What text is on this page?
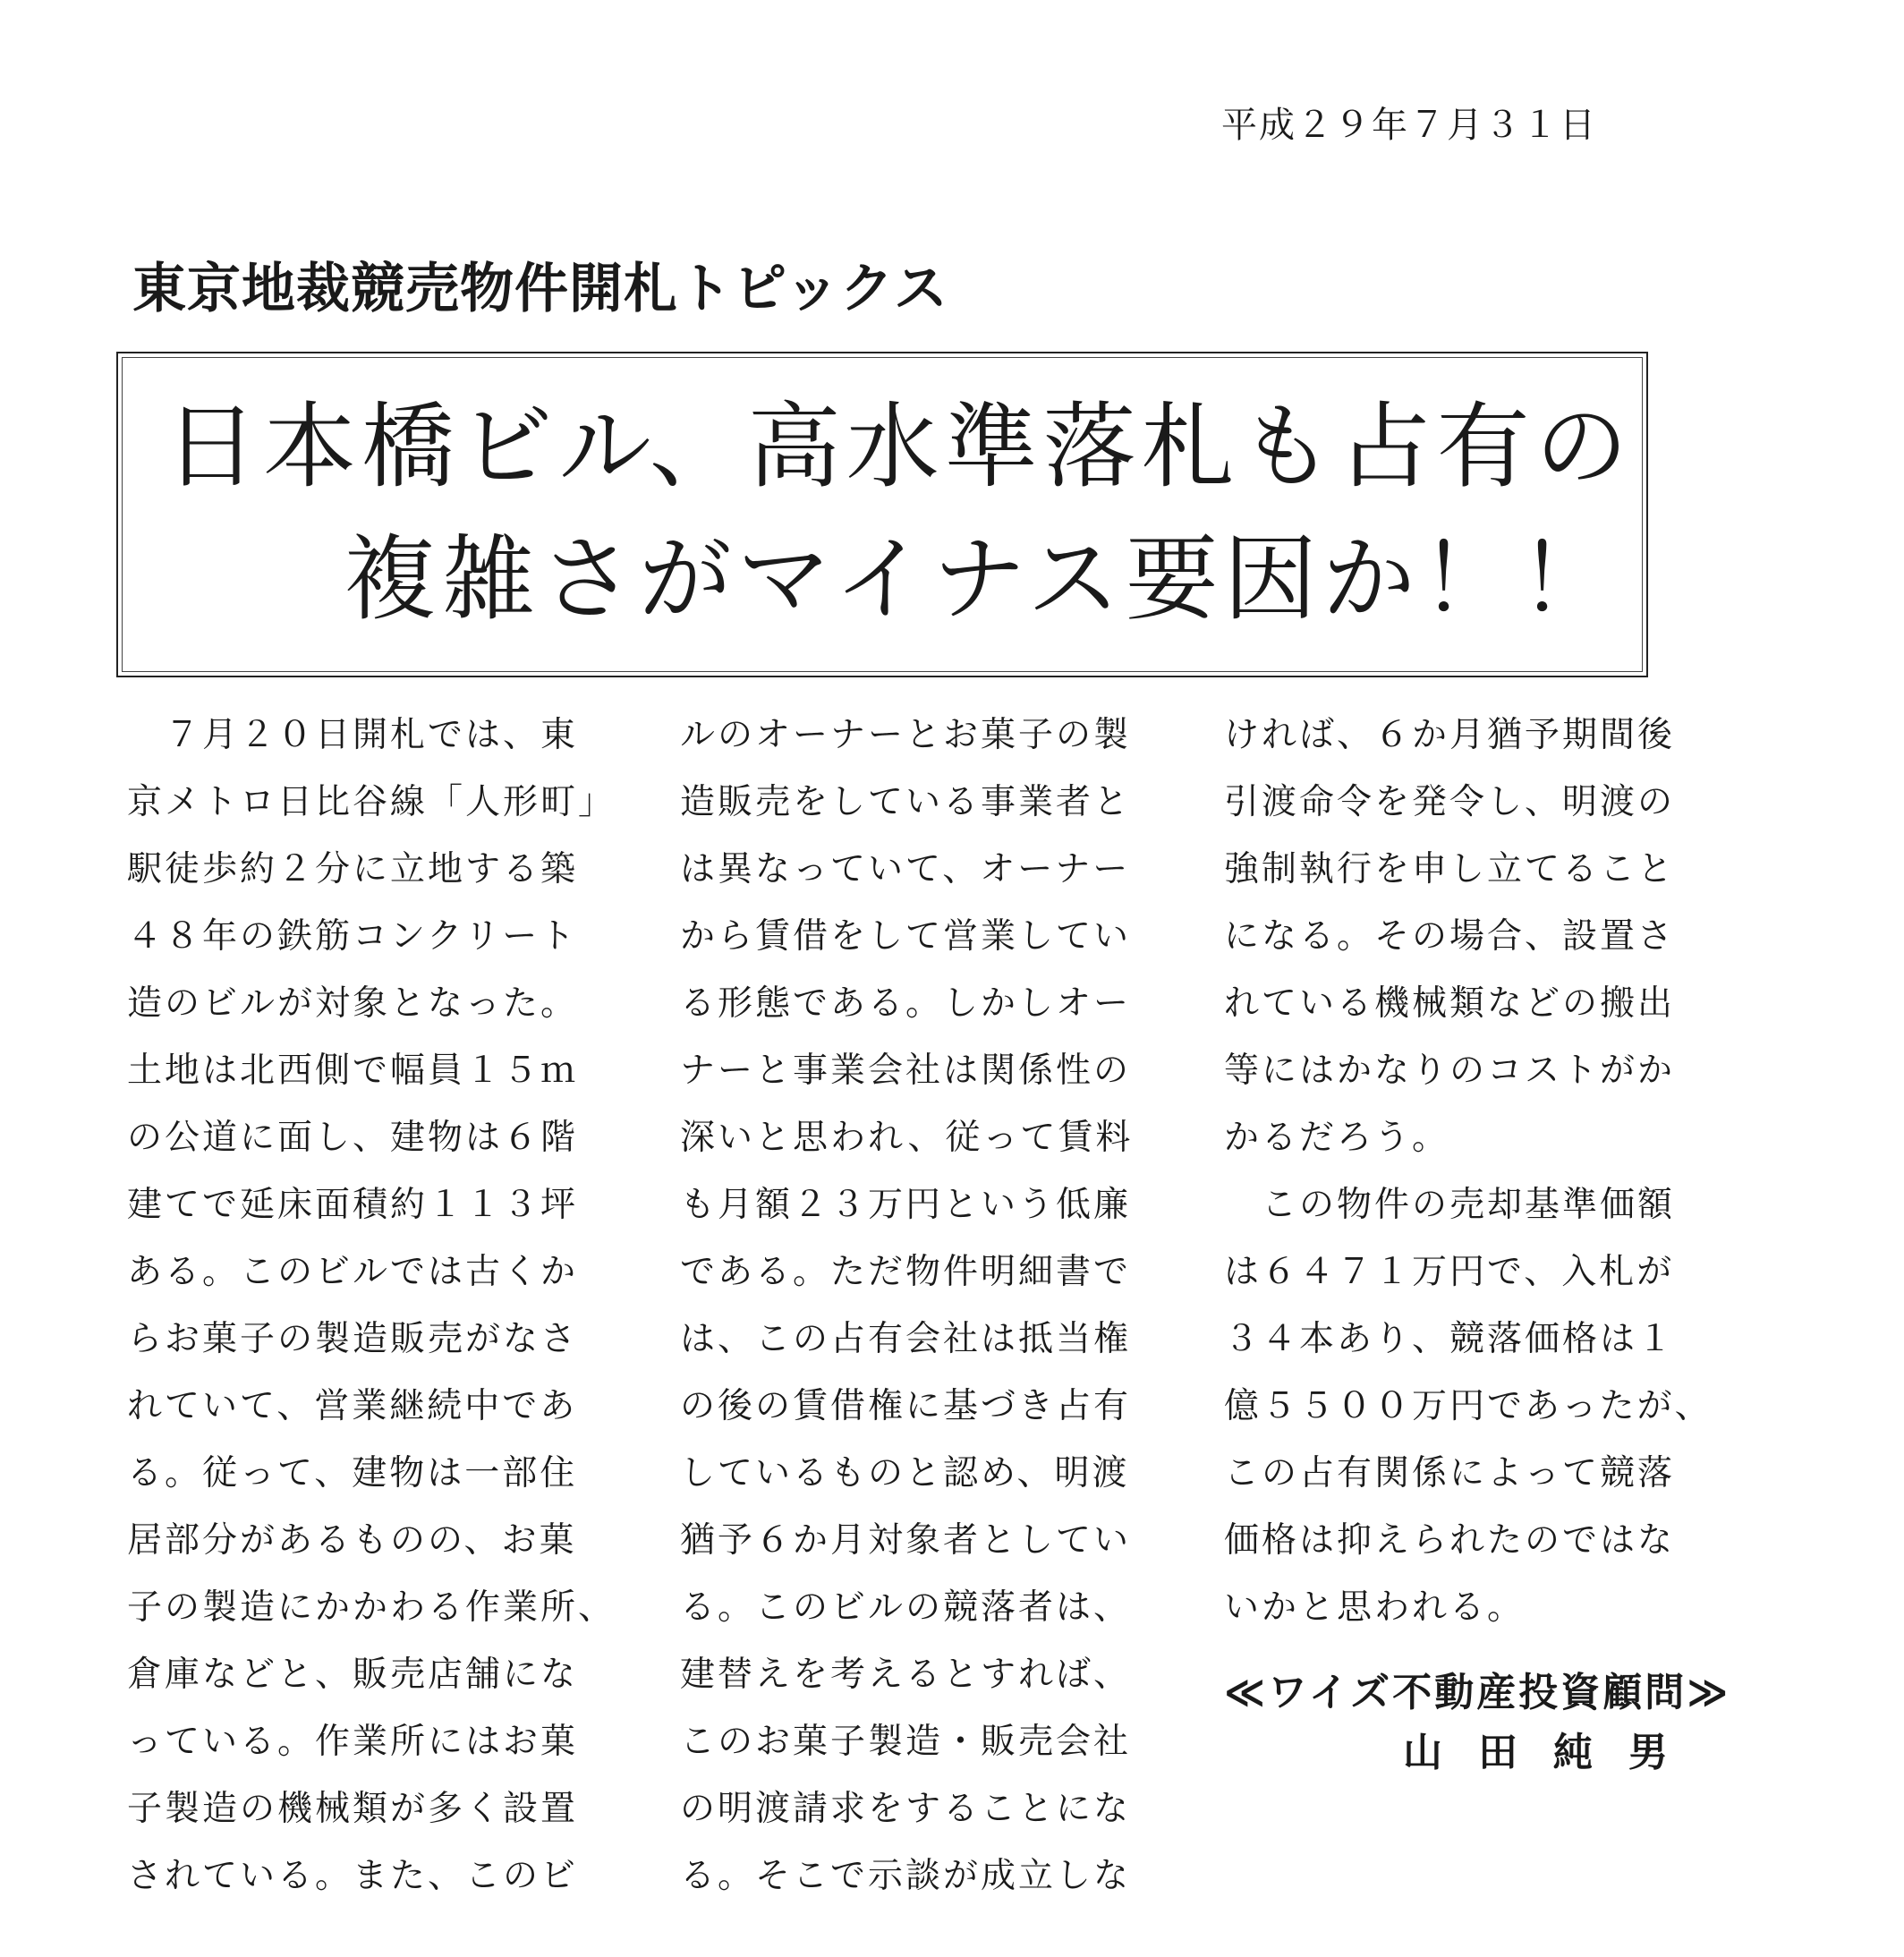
平成２９年７月３１日
東京地裁競売物件開札トピックス
日本橋ビル、高水準落札も占有の
複雑さがマイナス要因か！！
　７月２０日開札では、東
京メトロ日比谷線「人形町」
駅徒歩約２分に立地する築
４８年の鉄筋コンクリート
造のビルが対象となった。
土地は北西側で幅員１５ｍ
の公道に面し、建物は６階
建てで延床面積約１１３坪
ある。このビルでは古くか
らお菓子の製造販売がなさ
れていて、営業継続中であ
る。従って、建物は一部住
居部分があるものの、お菓
子の製造にかかわる作業所、
倉庫などと、販売店舗にな
っている。作業所にはお菓
子製造の機械類が多く設置
されている。また、このビ
ルのオーナーとお菓子の製
造販売をしている事業者と
は異なっていて、オーナー
から賃借をして営業してい
る形態である。しかしオー
ナーと事業会社は関係性の
深いと思われ、従って賃料
も月額２３万円という低廉
である。ただ物件明細書で
は、この占有会社は抵当権
の後の賃借権に基づき占有
しているものと認め、明渡
猶予６か月対象者としてい
る。このビルの競落者は、
建替えを考えるとすれば、
このお菓子製造・販売会社
の明渡請求をすることにな
る。そこで示談が成立しな
ければ、６か月猶予期間後
引渡命令を発令し、明渡の
強制執行を申し立てること
になる。その場合、設置さ
れている機械類などの搬出
等にはかなりのコストがか
かるだろう。
　この物件の売却基準価額
は６４７１万円で、入札が
３４本あり、競落価格は１
億５５００万円であったが、
この占有関係によって競落
価格は抑えられたのではな
いかと思われる。
≪ワイズ不動産投資顧問≫
山田純男
